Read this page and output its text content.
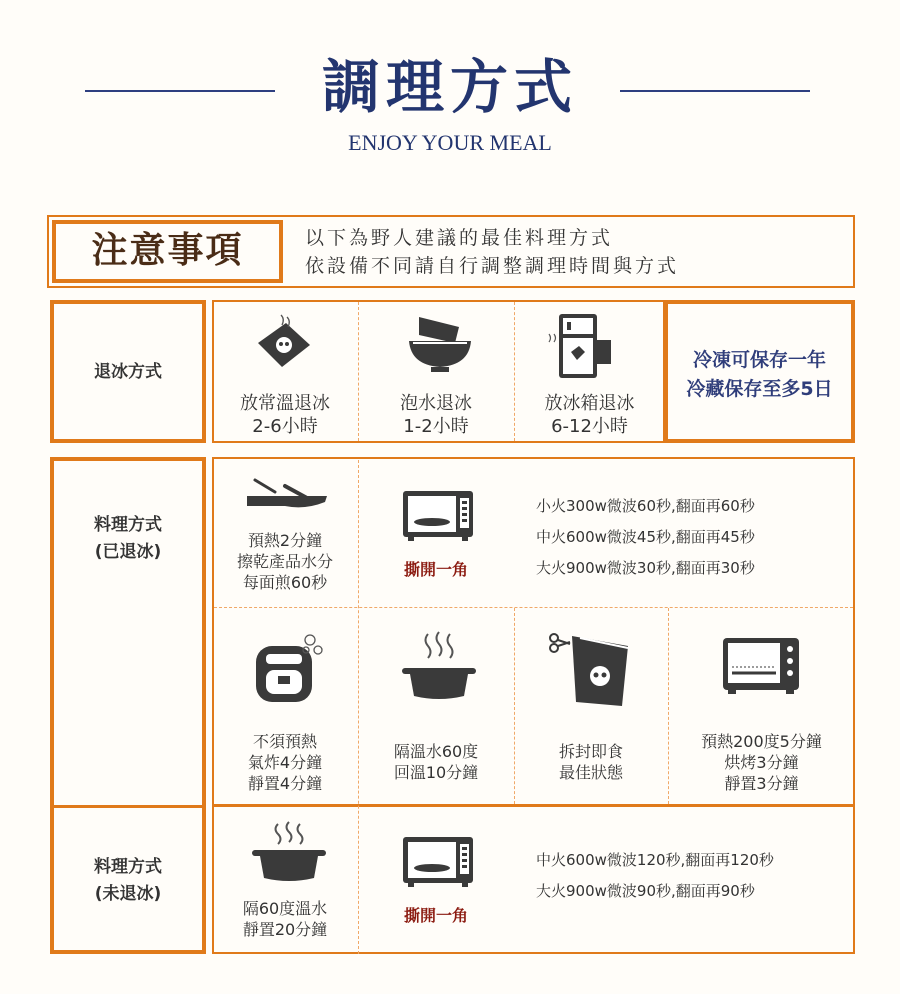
調理方式
ENJOY YOUR MEAL
注意事項	以下為野人建議的最佳料理方式
依設備不同請自行調整調理時間與方式
退冰方式
放常溫退冰
2-6小時
泡水退冰
1-2小時
放冰箱退冰
6-12小時
冷凍可保存一年
冷藏保存至多5日
料理方式
(已退冰)
料理方式
(未退冰)
預熱2分鐘
擦乾產品水分
每面煎60秒
撕開一角
小火300w微波60秒,翻面再60秒
中火600w微波45秒,翻面再45秒
大火900w微波30秒,翻面再30秒
不須預熱
氣炸4分鐘
靜置4分鐘
隔溫水60度
回溫10分鐘
拆封即食
最佳狀態
預熱200度5分鐘
烘烤3分鐘
靜置3分鐘
隔60度溫水
靜置20分鐘
撕開一角
中火600w微波120秒,翻面再120秒
大火900w微波90秒,翻面再90秒
